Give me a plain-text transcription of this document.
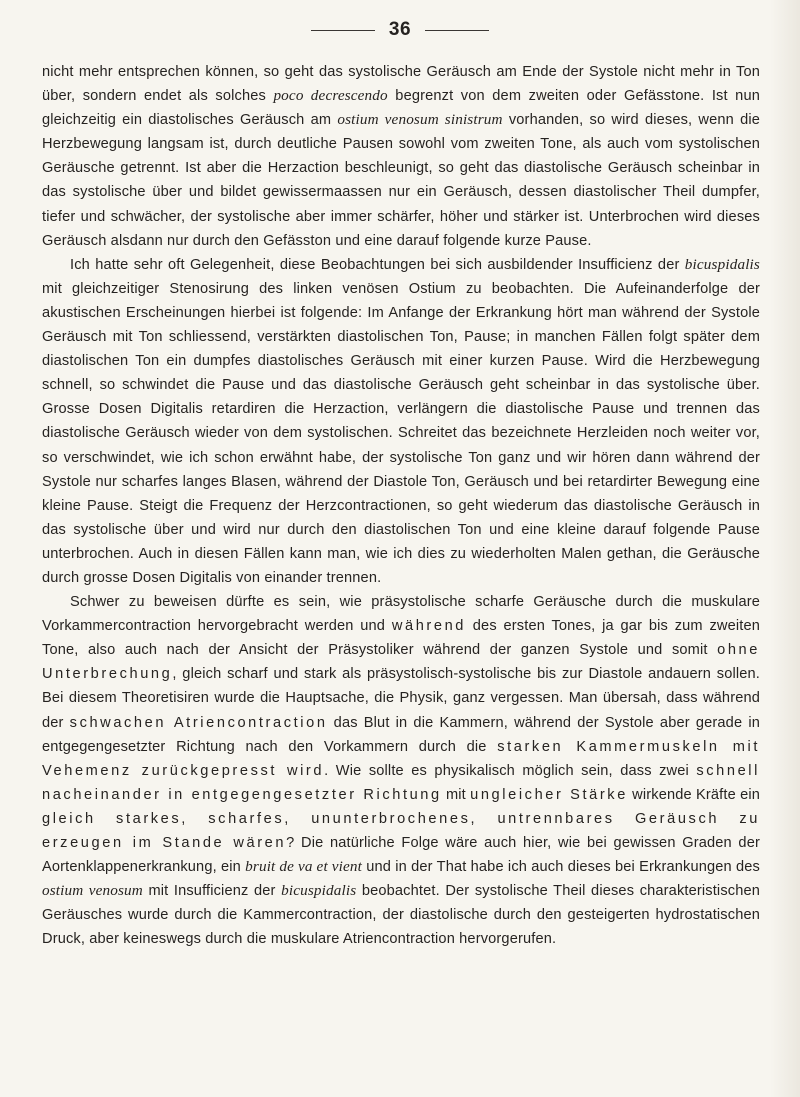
36

nicht mehr entsprechen können, so geht das systolische Geräusch am Ende der Systole nicht mehr in Ton über, sondern endet als solches poco decrescendo begrenzt von dem zweiten oder Gefässtone. Ist nun gleichzeitig ein diastolisches Geräusch am ostium venosum sinistrum vorhanden, so wird dieses, wenn die Herzbewegung langsam ist, durch deutliche Pausen sowohl vom zweiten Tone, als auch vom systolischen Geräusche getrennt. Ist aber die Herzaction beschleunigt, so geht das diastolische Geräusch scheinbar in das systolische über und bildet gewissermaassen nur ein Geräusch, dessen diastolischer Theil dumpfer, tiefer und schwächer, der systolische aber immer schärfer, höher und stärker ist. Unterbrochen wird dieses Geräusch alsdann nur durch den Gefässton und eine darauf folgende kurze Pause.

Ich hatte sehr oft Gelegenheit, diese Beobachtungen bei sich ausbildender Insufficienz der bicuspidalis mit gleichzeitiger Stenosirung des linken venösen Ostium zu beobachten. Die Aufeinanderfolge der akustischen Erscheinungen hierbei ist folgende: Im Anfange der Erkrankung hört man während der Systole Geräusch mit Ton schliessend, verstärkten diastolischen Ton, Pause; in manchen Fällen folgt später dem diastolischen Ton ein dumpfes diastolisches Geräusch mit einer kurzen Pause. Wird die Herzbewegung schnell, so schwindet die Pause und das diastolische Geräusch geht scheinbar in das systolische über. Grosse Dosen Digitalis retardiren die Herzaction, verlängern die diastolische Pause und trennen das diastolische Geräusch wieder von dem systolischen. Schreitet das bezeichnete Herzleiden noch weiter vor, so verschwindet, wie ich schon erwähnt habe, der systolische Ton ganz und wir hören dann während der Systole nur scharfes langes Blasen, während der Diastole Ton, Geräusch und bei retardirter Bewegung eine kleine Pause. Steigt die Frequenz der Herzcontractionen, so geht wiederum das diastolische Geräusch in das systolische über und wird nur durch den diastolischen Ton und eine kleine darauf folgende Pause unterbrochen. Auch in diesen Fällen kann man, wie ich dies zu wiederholten Malen gethan, die Geräusche durch grosse Dosen Digitalis von einander trennen.

Schwer zu beweisen dürfte es sein, wie präsystolische scharfe Geräusche durch die muskulare Vorkammercontraction hervorgebracht werden und während des ersten Tones, ja gar bis zum zweiten Tone, also auch nach der Ansicht der Präsystoliker während der ganzen Systole und somit ohne Unterbrechung, gleich scharf und stark als präsystolisch-systolische bis zur Diastole andauern sollen. Bei diesem Theoretisiren wurde die Hauptsache, die Physik, ganz vergessen. Man übersah, dass während der schwachen Atriencontraction das Blut in die Kammern, während der Systole aber gerade in entgegengesetzter Richtung nach den Vorkammern durch die starken Kammermuskeln mit Vehemenz zurückgepresst wird. Wie sollte es physikalisch möglich sein, dass zwei schnell nacheinander in entgegengesetzter Richtung mit ungleicher Stärke wirkende Kräfte ein gleich starkes, scharfes, ununterbrochenes, untrennbares Geräusch zu erzeugen im Stande wären? Die natürliche Folge wäre auch hier, wie bei gewissen Graden der Aortenklappenerkrankung, ein bruit de va et vient und in der That habe ich auch dieses bei Erkrankungen des ostium venosum mit Insufficienz der bicuspidalis beobachtet. Der systolische Theil dieses charakteristischen Geräusches wurde durch die Kammercontraction, der diastolische durch den gesteigerten hydrostatischen Druck, aber keineswegs durch die muskulare Atriencontraction hervorgerufen.
